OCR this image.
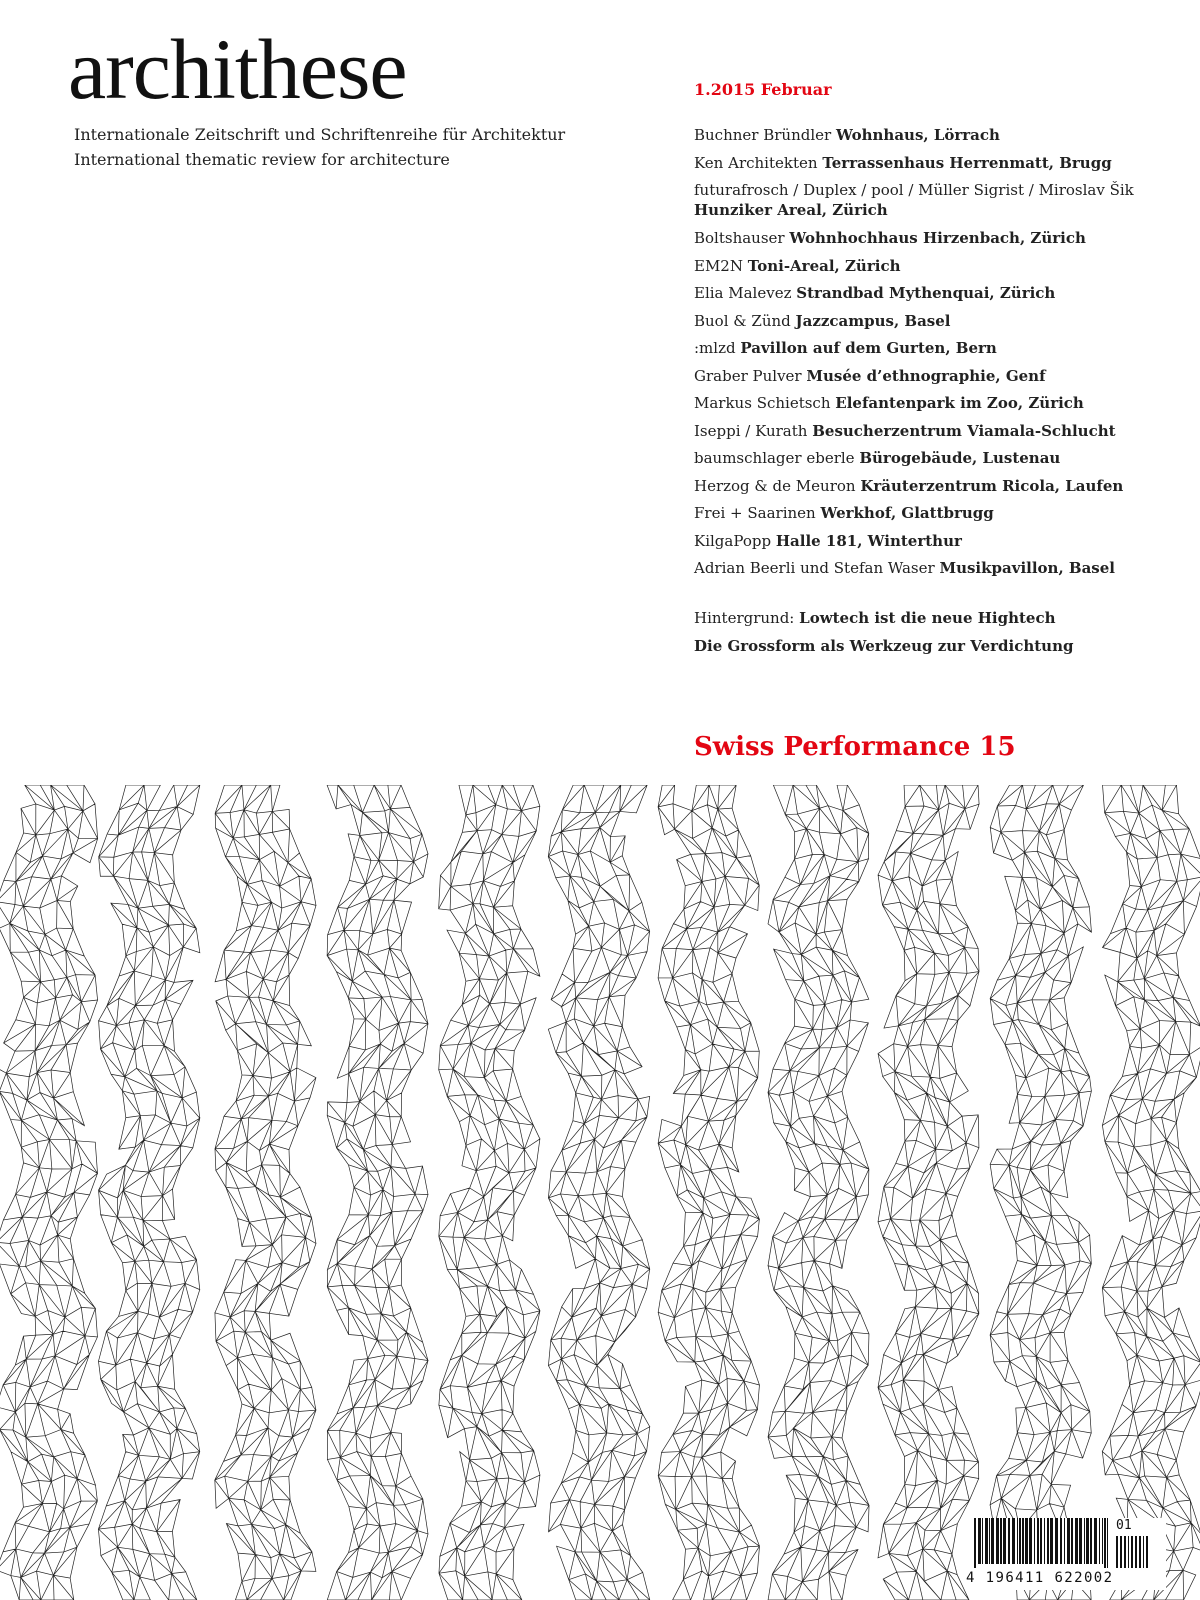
archithese
Internationale Zeitschrift und Schriftenreihe für Architektur
International thematic review for architecture
1.2015 Februar
Buchner Bründler Wohnhaus, Lörrach
Ken Architekten Terrassenhaus Herrenmatt, Brugg
futurafrosch / Duplex / pool / Müller Sigrist / Miroslav Šik
Hunziker Areal, Zürich
Boltshauser Wohnhochhaus Hirzenbach, Zürich
EM2N Toni-Areal, Zürich
Elia Malevez Strandbad Mythenquai, Zürich
Buol & Zünd Jazzcampus, Basel
:mlzd Pavillon auf dem Gurten, Bern
Graber Pulver Musée d’ethnographie, Genf
Markus Schietsch Elefantenpark im Zoo, Zürich
Iseppi / Kurath Besucherzentrum Viamala-Schlucht
baumschlager eberle Bürogebäude, Lustenau
Herzog & de Meuron Kräuterzentrum Ricola, Laufen
Frei + Saarinen Werkhof, Glattbrugg
KilgaPopp Halle 181, Winterthur
Adrian Beerli und Stefan Waser Musikpavillon, Basel
Hintergrund: Lowtech ist die neue Hightech
Die Grossform als Werkzeug zur Verdichtung
Swiss Performance 15
4 196411 622002
01
